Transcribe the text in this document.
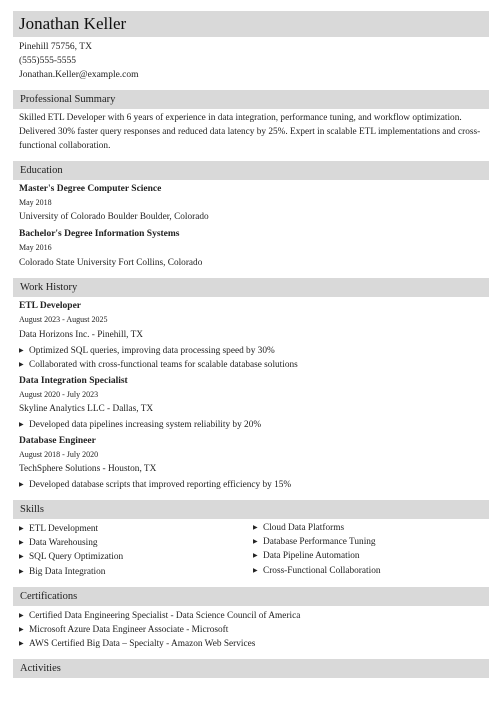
Jonathan Keller
Pinehill 75756, TX
(555)555-5555
Jonathan.Keller@example.com
Professional Summary
Skilled ETL Developer with 6 years of experience in data integration, performance tuning, and workflow optimization. Delivered 30% faster query responses and reduced data latency by 25%. Expert in scalable ETL implementations and cross-functional collaboration.
Education
Master's Degree Computer Science
May 2018
University of Colorado Boulder Boulder, Colorado
Bachelor's Degree Information Systems
May 2016
Colorado State University Fort Collins, Colorado
Work History
ETL Developer
August 2023 - August 2025
Data Horizons Inc. - Pinehill, TX
▶ Optimized SQL queries, improving data processing speed by 30%
▶ Collaborated with cross-functional teams for scalable database solutions
Data Integration Specialist
August 2020 - July 2023
Skyline Analytics LLC - Dallas, TX
▶ Developed data pipelines increasing system reliability by 20%
Database Engineer
August 2018 - July 2020
TechSphere Solutions - Houston, TX
▶ Developed database scripts that improved reporting efficiency by 15%
Skills
▶ ETL Development
▶ Data Warehousing
▶ SQL Query Optimization
▶ Big Data Integration
▶ Cloud Data Platforms
▶ Database Performance Tuning
▶ Data Pipeline Automation
▶ Cross-Functional Collaboration
Certifications
▶ Certified Data Engineering Specialist - Data Science Council of America
▶ Microsoft Azure Data Engineer Associate - Microsoft
▶ AWS Certified Big Data – Specialty - Amazon Web Services
Activities
